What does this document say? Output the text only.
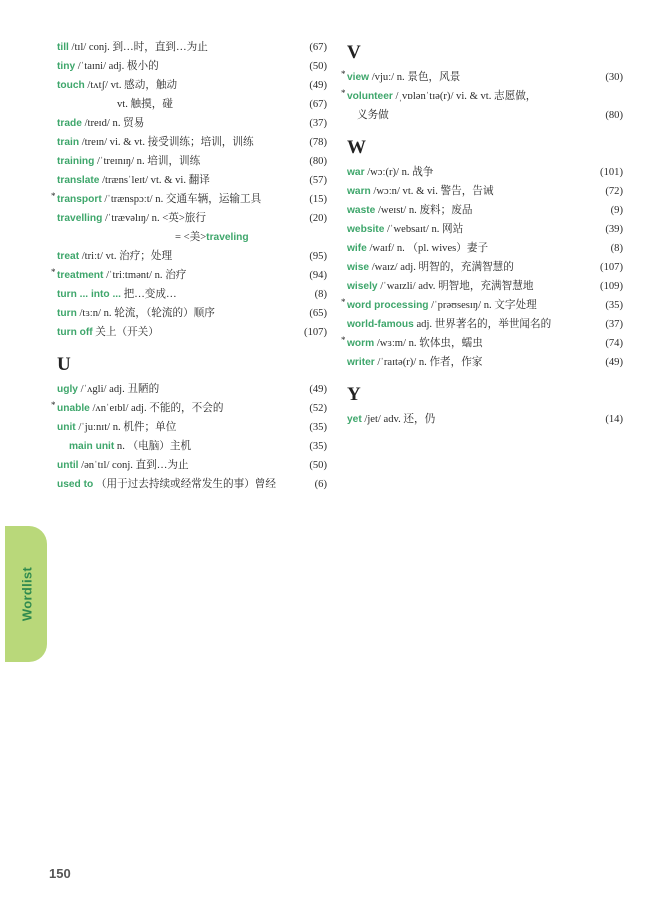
till /tɪl/ conj. 到…时，直到…为止	(67)
tiny /ˈtaɪni/ adj. 极小的	(50)
touch /tʌtʃ/ vt. 感动，触动	(49)
vt. 触摸，碰	(67)
trade /treɪd/ n. 贸易	(37)
train /treɪn/ vi. & vt. 接受训练；培训，训练	(78)
training /ˈtreɪnɪŋ/ n. 培训，训练	(80)
translate /trænsˈleɪt/ vt. & vi. 翻译	(57)
* transport /ˈtrænspɔːt/ n. 交通车辆，运输工具	(15)
travelling /ˈtrævəlɪŋ/ n. <英>旅行	(20)
= <美>traveling
treat /triːt/ vt. 治疗；处理	(95)
* treatment /ˈtriːtmənt/ n. 治疗	(94)
turn ... into ... 把…变成…	(8)
turn /tɜːn/ n. 轮流，（轮流的）顺序	(65)
turn off 关上（开关）	(107)
U
ugly /ˈʌgli/ adj. 丑陋的	(49)
* unable /ʌnˈeɪbl/ adj. 不能的，不会的	(52)
unit /ˈjuːnɪt/ n. 机件；单位	(35)
main unit n. （电脑）主机	(35)
until /ənˈtɪl/ conj. 直到…为止	(50)
used to （用于过去持续或经常发生的事）曾经	(6)
V
* view /vjuː/ n. 景色，风景	(30)
* volunteer /ˌvɒlənˈtɪə(r)/ vi. & vt. 志愿做，
义务做	(80)
W
war /wɔː(r)/ n. 战争	(101)
warn /wɔːn/ vt. & vi. 警告，告诫	(72)
waste /weɪst/ n. 废料；废品	(9)
website /ˈwebsaɪt/ n. 网站	(39)
wife /waɪf/ n. （pl. wives）妻子	(8)
wise /waɪz/ adj. 明智的，充满智慧的	(107)
wisely /ˈwaɪzli/ adv. 明智地，充满智慧地	(109)
* word processing /ˈprəʊsesɪŋ/ n. 文字处理	(35)
world-famous adj. 世界著名的，举世闻名的	(37)
* worm /wɜːm/ n. 软体虫，蠕虫	(74)
writer /ˈraɪtə(r)/ n. 作者，作家	(49)
Y
yet /jet/ adv. 还，仍	(14)
Wordlist
150
